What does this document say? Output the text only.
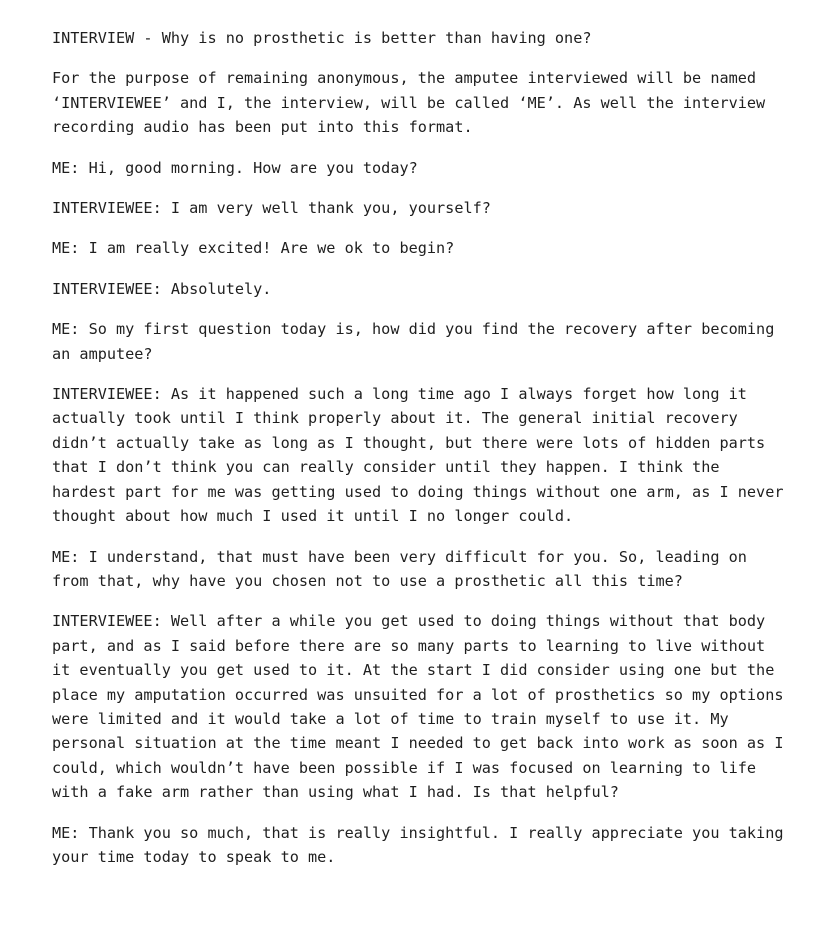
INTERVIEW - Why is no prosthetic is better than having one?

For the purpose of remaining anonymous, the amputee interviewed will be named ‘INTERVIEWEE’ and I, the interview, will be called ‘ME’. As well the interview recording audio has been put into this format.

ME: Hi, good morning. How are you today?

INTERVIEWEE: I am very well thank you, yourself?

ME: I am really excited! Are we ok to begin?

INTERVIEWEE: Absolutely.

ME: So my first question today is, how did you find the recovery after becoming an amputee?

INTERVIEWEE: As it happened such a long time ago I always forget how long it actually took until I think properly about it. The general initial recovery didn’t actually take as long as I thought, but there were lots of hidden parts that I don’t think you can really consider until they happen. I think the hardest part for me was getting used to doing things without one arm, as I never thought about how much I used it until I no longer could.

ME: I understand, that must have been very difficult for you. So, leading on from that, why have you chosen not to use a prosthetic all this time?

INTERVIEWEE: Well after a while you get used to doing things without that body part, and as I said before there are so many parts to learning to live without it eventually you get used to it. At the start I did consider using one but the place my amputation occurred was unsuited for a lot of prosthetics so my options were limited and it would take a lot of time to train myself to use it. My personal situation at the time meant I needed to get back into work as soon as I could, which wouldn’t have been possible if I was focused on learning to life with a fake arm rather than using what I had. Is that helpful?

ME: Thank you so much, that is really insightful. I really appreciate you taking your time today to speak to me.
